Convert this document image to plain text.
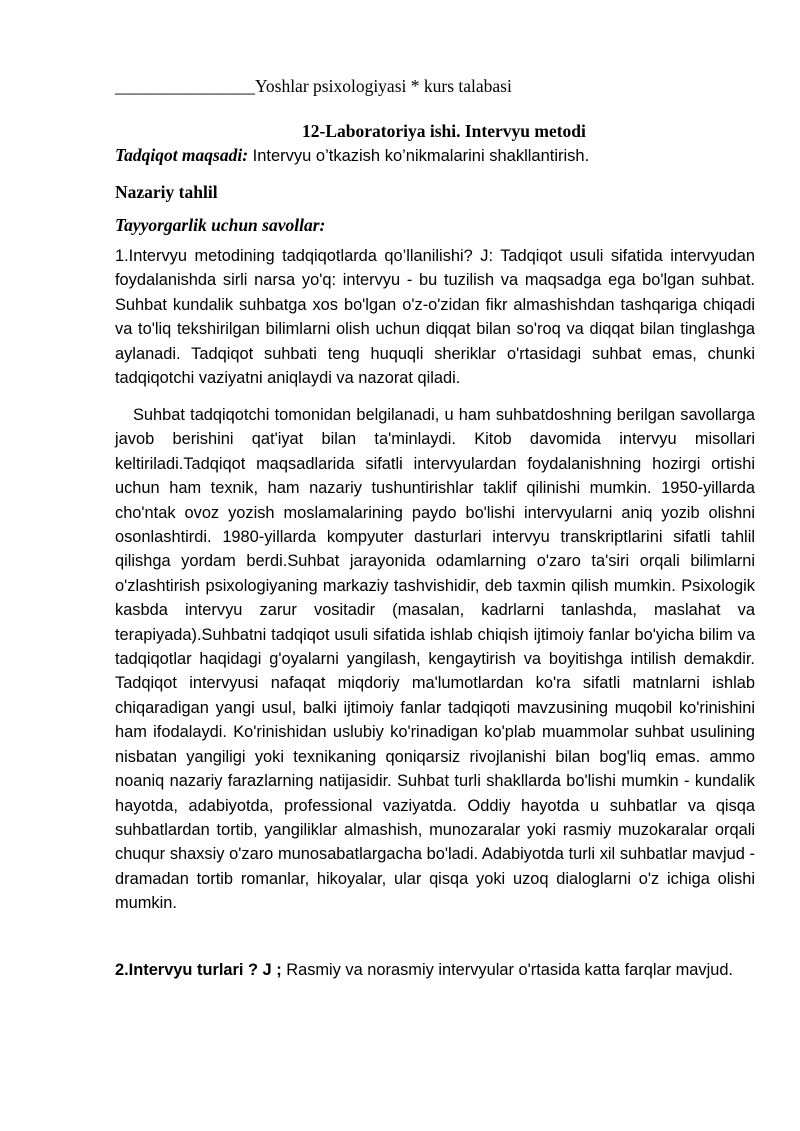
________________Yoshlar psixologiyasi * kurs talabasi
12-Laboratoriya ishi. Intervyu metodi
Tadqiqot maqsadi: Intervyu o’tkazish ko’nikmalarini shakllantirish.
Nazariy tahlil
Tayyorgarlik uchun savollar:

1.Intervyu metodining tadqiqotlarda qo’llanilishi? J: Tadqiqot usuli sifatida intervyudan foydalanishda sirli narsa yo'q: intervyu - bu tuzilish va maqsadga ega bo'lgan suhbat. Suhbat kundalik suhbatga xos bo'lgan o'z-o'zidan fikr almashishdan tashqariga chiqadi va to'liq tekshirilgan bilimlarni olish uchun diqqat bilan so'roq va diqqat bilan tinglashga aylanadi. Tadqiqot suhbati teng huquqli sheriklar o'rtasidagi suhbat emas, chunki tadqiqotchi vaziyatni aniqlaydi va nazorat qiladi.

Suhbat tadqiqotchi tomonidan belgilanadi, u ham suhbatdoshning berilgan savollarga javob berishini qat'iyat bilan ta'minlaydi. Kitob davomida intervyu misollari keltiriladi.Tadqiqot maqsadlarida sifatli intervyulardan foydalanishning hozirgi ortishi uchun ham texnik, ham nazariy tushuntirishlar taklif qilinishi mumkin. 1950-yillarda cho'ntak ovoz yozish moslamalarining paydo bo'lishi intervyularni aniq yozib olishni osonlashtirdi. 1980-yillarda kompyuter dasturlari intervyu transkriptlarini sifatli tahlil qilishga yordam berdi.Suhbat jarayonida odamlarning o'zaro ta'siri orqali bilimlarni o'zlashtirish psixologiyaning markaziy tashvishidir, deb taxmin qilish mumkin. Psixologik kasbda intervyu zarur vositadir (masalan, kadrlarni tanlashda, maslahat va terapiyada).Suhbatni tadqiqot usuli sifatida ishlab chiqish ijtimoiy fanlar bo'yicha bilim va tadqiqotlar haqidagi g'oyalarni yangilash, kengaytirish va boyitishga intilish demakdir. Tadqiqot intervyusi nafaqat miqdoriy ma'lumotlardan ko'ra sifatli matnlarni ishlab chiqaradigan yangi usul, balki ijtimoiy fanlar tadqiqoti mavzusining muqobil ko'rinishini ham ifodalaydi. Ko'rinishidan uslubiy ko'rinadigan ko'plab muammolar suhbat usulining nisbatan yangiligi yoki texnikaning qoniqarsiz rivojlanishi bilan bog'liq emas. ammo noaniq nazariy farazlarning natijasidir. Suhbat turli shakllarda bo'lishi mumkin - kundalik hayotda, adabiyotda, professional vaziyatda. Oddiy hayotda u suhbatlar va qisqa suhbatlardan tortib, yangiliklar almashish, munozaralar yoki rasmiy muzokaralar orqali chuqur shaxsiy o'zaro munosabatlargacha bo'ladi. Adabiyotda turli xil suhbatlar mavjud - dramadan tortib romanlar, hikoyalar, ular qisqa yoki uzoq dialoglarni o'z ichiga olishi mumkin.

2.Intervyu turlari ? J ; Rasmiy va norasmiy intervyular o'rtasida katta farqlar mavjud.
